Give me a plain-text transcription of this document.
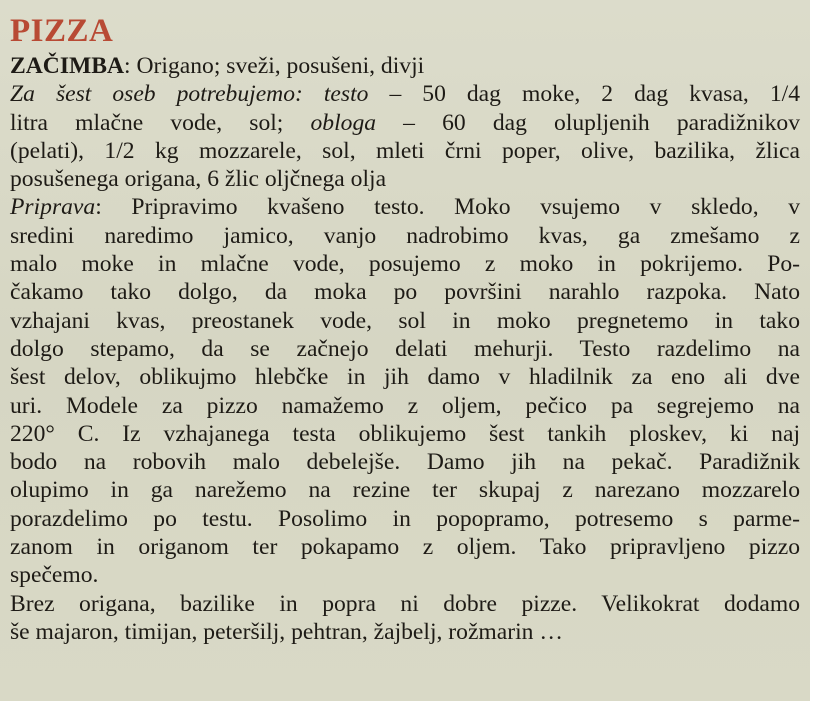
PIZZA
ZAČIMBA: Origano; sveži, posušeni, divji
Za šest oseb potrebujemo: testo – 50 dag moke, 2 dag kvasa, 1/4
litra mlačne vode, sol; obloga – 60 dag olupljenih paradižnikov
(pelati), 1/2 kg mozzarele, sol, mleti črni poper, olive, bazilika, žlica
posušenega origana, 6 žlic oljčnega olja
Priprava: Pripravimo kvašeno testo. Moko vsujemo v skledo, v
sredini naredimo jamico, vanjo nadrobimo kvas, ga zmešamo z
malo moke in mlačne vode, posujemo z moko in pokrijemo. Po-
čakamo tako dolgo, da moka po površini narahlo razpoka. Nato
vzhajani kvas, preostanek vode, sol in moko pregnetemo in tako
dolgo stepamo, da se začnejo delati mehurji. Testo razdelimo na
šest delov, oblikujmo hlebčke in jih damo v hladilnik za eno ali dve
uri. Modele za pizzo namažemo z oljem, pečico pa segrejemo na
220° C. Iz vzhajanega testa oblikujemo šest tankih ploskev, ki naj
bodo na robovih malo debelejše. Damo jih na pekač. Paradižnik
olupimo in ga narežemo na rezine ter skupaj z narezano mozzarelo
porazdelimo po testu. Posolimo in popopramo, potresemo s parme-
zanom in origanom ter pokapamo z oljem. Tako pripravljeno pizzo
spečemo.
Brez origana, bazilike in popra ni dobre pizze. Velikokrat dodamo
še majaron, timijan, peteršilj, pehtran, žajbelj, rožmarin …
